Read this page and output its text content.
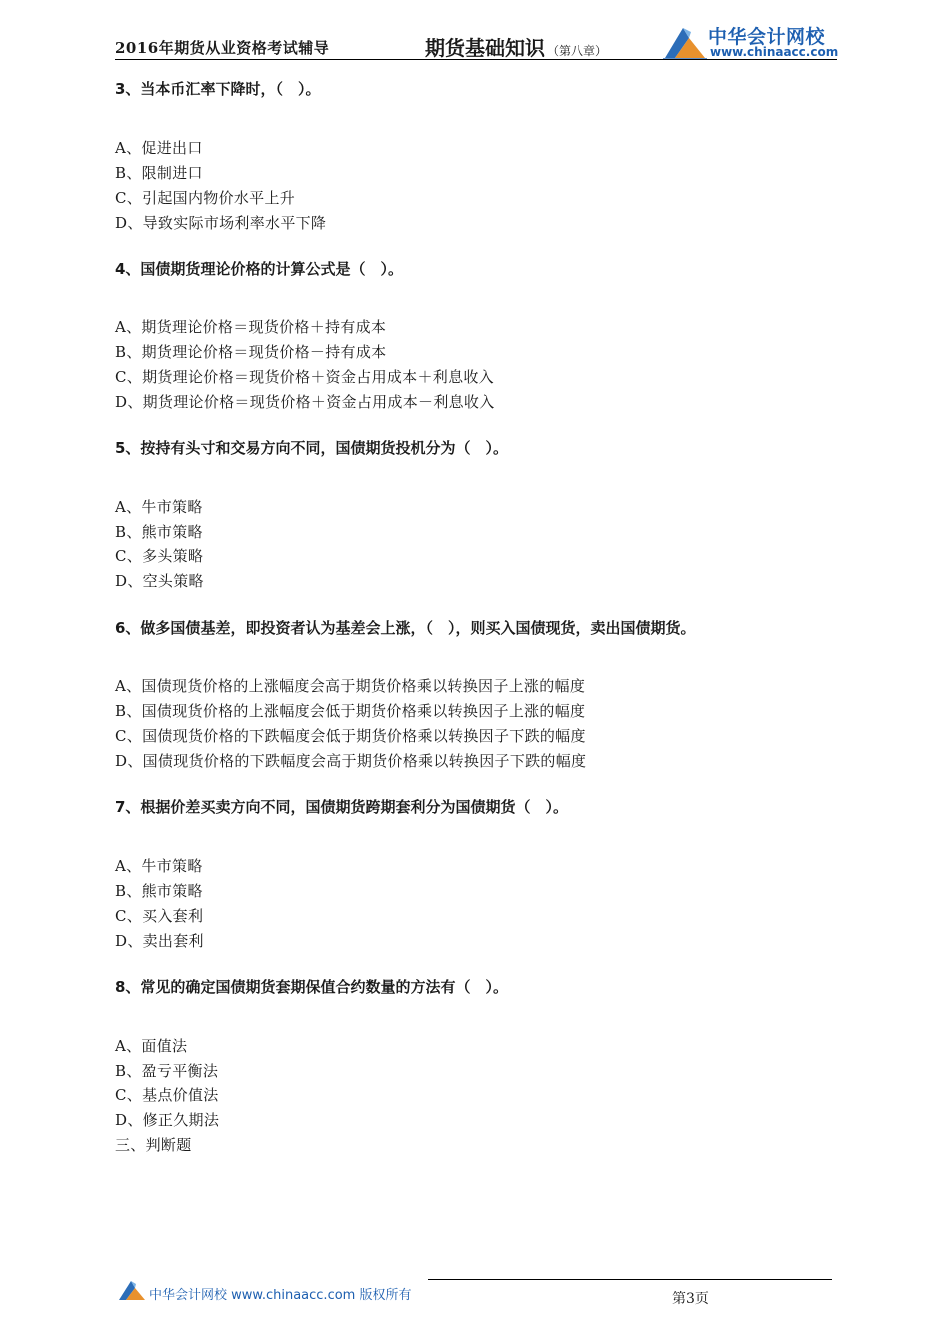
2016年期货从业资格考试辅导	期货基础知识 （第八章）
中华会计网校
www.chinaacc.com
3、当本币汇率下降时，（　）。
A、促进出口
B、限制进口
C、引起国内物价水平上升
D、导致实际市场利率水平下降
4、国债期货理论价格的计算公式是（　）。
A、期货理论价格＝现货价格＋持有成本
B、期货理论价格＝现货价格－持有成本
C、期货理论价格＝现货价格＋资金占用成本＋利息收入
D、期货理论价格＝现货价格＋资金占用成本－利息收入
5、按持有头寸和交易方向不同，国债期货投机分为（　）。
A、牛市策略
B、熊市策略
C、多头策略
D、空头策略
6、做多国债基差，即投资者认为基差会上涨，（　），则买入国债现货，卖出国债期货。
A、国债现货价格的上涨幅度会高于期货价格乘以转换因子上涨的幅度
B、国债现货价格的上涨幅度会低于期货价格乘以转换因子上涨的幅度
C、国债现货价格的下跌幅度会低于期货价格乘以转换因子下跌的幅度
D、国债现货价格的下跌幅度会高于期货价格乘以转换因子下跌的幅度
7、根据价差买卖方向不同，国债期货跨期套利分为国债期货（　）。
A、牛市策略
B、熊市策略
C、买入套利
D、卖出套利
8、常见的确定国债期货套期保值合约数量的方法有（　）。
A、面值法
B、盈亏平衡法
C、基点价值法
D、修正久期法
三、判断题
中华会计网校 www.chinaacc.com 版权所有	第3页
